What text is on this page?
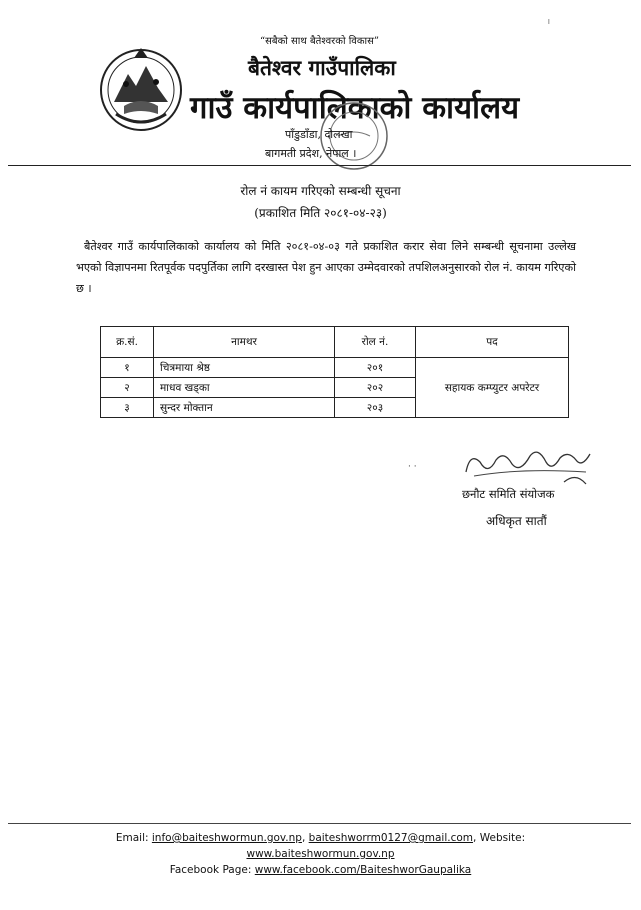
।
“सबैको साथ बैतेश्वरको विकास”
बैतेश्वर गाउँपालिका
गाउँ कार्यपालिकाको कार्यालय
पाँडुडाँडा, दोलखा
बागमती प्रदेश, नेपाल ।
रोल नं कायम गरिएको सम्बन्धी सूचना
(प्रकाशित मिति २०८१-०४-२३)
बैतेश्वर गाउँ कार्यपालिकाको कार्यालय को मिति २०८१-०४-०३ गते प्रकाशित करार सेवा लिने सम्बन्धी सूचनामा उल्लेख भएको विज्ञापनमा रितपूर्वक पदपुर्तिका लागि दरखास्त पेश हुन आएका उम्मेदवारको तपशिलअनुसारको रोल नं. कायम गरिएको छ ।
क्र.सं.	नामथर	रोल नं.	पद
१	चित्रमाया श्रेष्ठ	२०१	सहायक कम्प्युटर अपरेटर
२	माधव खड्का	२०२	
३	सुन्दर मोक्तान	२०३	
· ·
छनौट समिति संयोजक
अधिकृत सातौं
Email: info@baiteshwormun.gov.np, baiteshworrm0127@gmail.com, Website:
www.baiteshwormun.gov.np
Facebook Page: www.facebook.com/BaiteshworGaupalika
